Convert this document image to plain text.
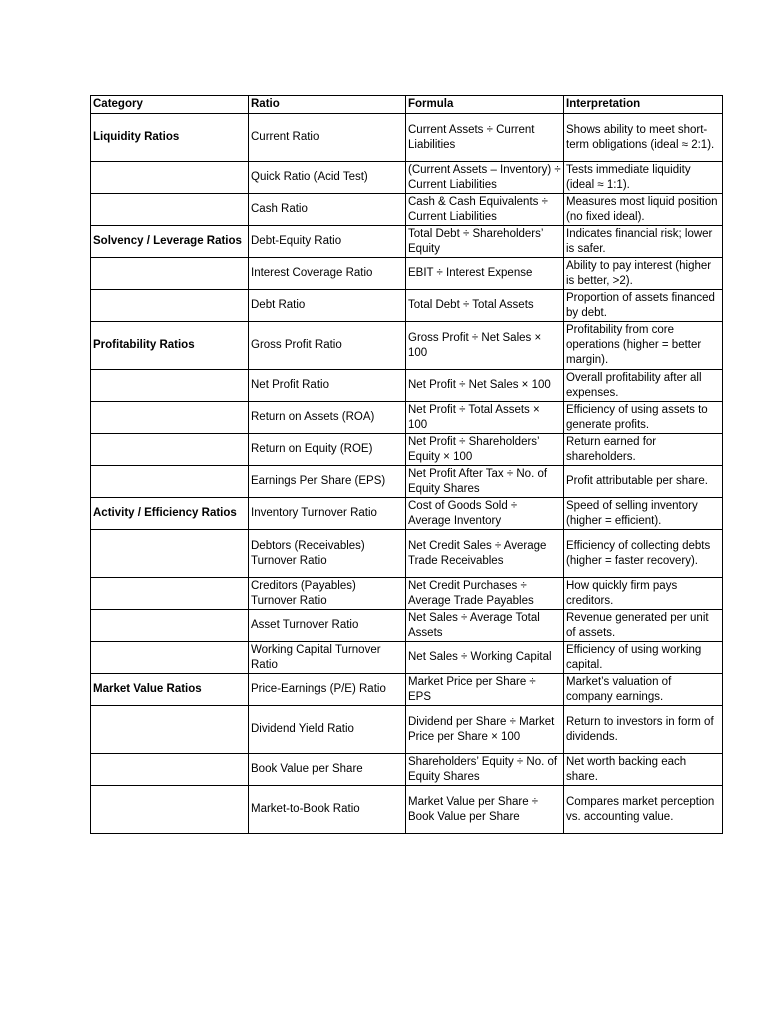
Category	Ratio	Formula	Interpretation
Liquidity Ratios	Current Ratio	Current Assets ÷ Current Liabilities	Shows ability to meet short-term obligations (ideal ≈ 2:1).
	Quick Ratio (Acid Test)	(Current Assets – Inventory) ÷ Current Liabilities	Tests immediate liquidity (ideal ≈ 1:1).
	Cash Ratio	Cash & Cash Equivalents ÷ Current Liabilities	Measures most liquid position (no fixed ideal).
Solvency / Leverage Ratios	Debt-Equity Ratio	Total Debt ÷ Shareholders’ Equity	Indicates financial risk; lower is safer.
	Interest Coverage Ratio	EBIT ÷ Interest Expense	Ability to pay interest (higher is better, >2).
	Debt Ratio	Total Debt ÷ Total Assets	Proportion of assets financed by debt.
Profitability Ratios	Gross Profit Ratio	Gross Profit ÷ Net Sales × 100	Profitability from core operations (higher = better margin).
	Net Profit Ratio	Net Profit ÷ Net Sales × 100	Overall profitability after all expenses.
	Return on Assets (ROA)	Net Profit ÷ Total Assets × 100	Efficiency of using assets to generate profits.
	Return on Equity (ROE)	Net Profit ÷ Shareholders’ Equity × 100	Return earned for shareholders.
	Earnings Per Share (EPS)	Net Profit After Tax ÷ No. of Equity Shares	Profit attributable per share.
Activity / Efficiency Ratios	Inventory Turnover Ratio	Cost of Goods Sold ÷ Average Inventory	Speed of selling inventory (higher = efficient).
	Debtors (Receivables) Turnover Ratio	Net Credit Sales ÷ Average Trade Receivables	Efficiency of collecting debts (higher = faster recovery).
	Creditors (Payables) Turnover Ratio	Net Credit Purchases ÷ Average Trade Payables	How quickly firm pays creditors.
	Asset Turnover Ratio	Net Sales ÷ Average Total Assets	Revenue generated per unit of assets.
	Working Capital Turnover Ratio	Net Sales ÷ Working Capital	Efficiency of using working capital.
Market Value Ratios	Price-Earnings (P/E) Ratio	Market Price per Share ÷ EPS	Market’s valuation of company earnings.
	Dividend Yield Ratio	Dividend per Share ÷ Market Price per Share × 100	Return to investors in form of dividends.
	Book Value per Share	Shareholders’ Equity ÷ No. of Equity Shares	Net worth backing each share.
	Market-to-Book Ratio	Market Value per Share ÷ Book Value per Share	Compares market perception vs. accounting value.
